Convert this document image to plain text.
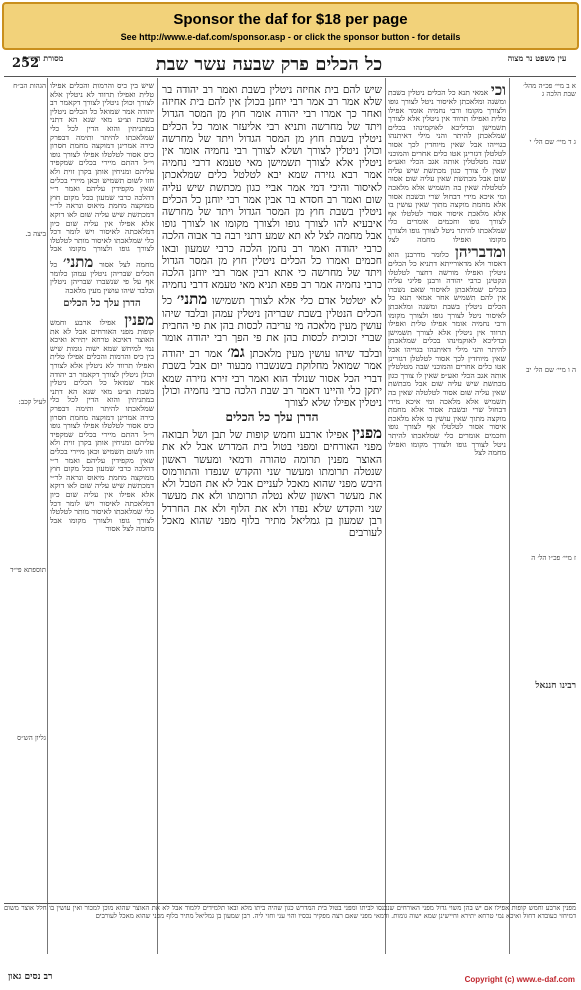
Sponsor the daf for $18 per page
See http://www.e-daf.com/sponsor.asp - or click the sponsor button - for details
עין משפט נר מצוה
252	כל הכלים פרק שבעה עשר שבת
מסורת הש״ס
א ב מיי׳ פכ״ה מהל׳ שבת הלכה ג
ג ד מיי׳ שם הל׳ י
ה ו מיי׳ שם הל׳ יב
ז מיי׳ פכ״ו הל׳ ה
רבינו חננאל
וכי אמאי תנא כל הכלים ניטלין בשבת ומשנה ומלאכתן לאיסור ניטל לצורך גופו ולצורך מקומו ורבי נחמיה אומר אפילו טלית ואפילו תרווד אין ניטלין אלא לצורך תשמישן ובדליכא לאוקמינהו בכלים שמלאכתן להיתר והני מילי דאיתנהו בגוייהו אבל שאין מיוחדין לכך אסור לטלטלן דגזרינן אטו כלים אחרים והמוכני שבה מטלטלין אותה אגב הכלי ואע״פ שאין לו צורך כגון מכתשת שיש עליה שום אבל מכתשת שאין עליה שום אסור לטלטלה שאין בה תשמיש אלא מלאכה ומי איכא מידי דבחול שרי ובשבת אסור אלא מחמת מוקצה מתוך שאין עושין בו אלא מלאכת איסור אסור לטלטלו אף לצורך גופו וחכמים אומרים כלי שמלאכתו להיתר ניטל לצורך גופו ולצורך מקומו ואפילו מחמה לצל ומדבריהן כלומר מדרבנן הוא דאסור ולא מדאורייתא דתניא כל הכלים ניטלין ואפילו מורשה דחצר לטלטלו ונקטינן כרבי יהודה ורבנן פליגי עליה בכלים שמלאכתן לאיסור שאם נשברו אין להם תשמיש אחר אמאי תנא כל הכלים ניטלין בשבת ומשנה ומלאכתן לאיסור ניטל לצורך גופו ולצורך מקומו ורבי נחמיה אומר אפילו טלית ואפילו תרווד אין ניטלין אלא לצורך תשמישן ובדליכא לאוקמינהו בכלים שמלאכתן להיתר והני מילי דאיתנהו בגוייהו אבל שאין מיוחדין לכך אסור לטלטלן דגזרינן אטו כלים אחרים והמוכני שבה מטלטלין אותה אגב הכלי ואע״פ שאין לו צורך כגון מכתשת שיש עליה שום אבל מכתשת שאין עליה שום אסור לטלטלה שאין בה תשמיש אלא מלאכה ומי איכא מידי דבחול שרי ובשבת אסור אלא מחמת מוקצה מתוך שאין עושין בו אלא מלאכת איסור אסור לטלטלו אף לצורך גופו וחכמים אומרים כלי שמלאכתו להיתר ניטל לצורך גופו ולצורך מקומו ואפילו מחמה לצל
שיש להם בית אחיזה ניטלין בשבת ואמר רב יהודה בר שלא אמר רב אמר רבי יוחנן בכולן אין להם בית אחיזה ואחר כך אמרו רבי יהודה אומר חוץ מן המסר הגדול ויתד של מחרשה ותניא רבי אליעזר אומר כל הכלים ניטלין בשבת חוץ מן המסר הגדול ויתד של מחרשה וכולן ניטלין לצורך ושלא לצורך רבי נחמיה אומר אין ניטלין אלא לצורך תשמישן מאי טעמא דרבי נחמיה אמר רבא גזירה שמא יבא לטלטל כלים שמלאכתן לאיסור והיכי דמי אמר אביי כגון מכתשת שיש עליה שום ואמר רב חסדא בר אבין אמר רבי יוחנן כל הכלים ניטלין בשבת חוץ מן המסר הגדול ויתד של מחרשה איבעיא להו לצורך גופו ולצורך מקומו או לצורך גופו אבל מחמה לצל לא תא שמע דתני רבה בר אבוה הלכה כרבי יהודה ואמר רב נחמן הלכה כרבי שמעון ובאו חכמים ואמרו כל הכלים ניטלין חוץ מן המסר הגדול ויתד של מחרשה כי אתא רבין אמר רבי יוחנן הלכה כרבי נחמיה אמר רב פפא תניא מאי טעמא דרבי נחמיה לא יטלטל אדם כלי אלא לצורך תשמישו מתני׳ כל הכלים הנטלין בשבת שבריהן ניטלין עמהן ובלבד שיהו עושין מעין מלאכה מי עריבה לכסות בהן את פי החבית שברי זכוכית לכסות בהן את פי הפך רבי יהודה אומר ובלבד שיהו עושין מעין מלאכתן גמ׳ אמר רב יהודה אמר שמואל מחלוקת בשנשברו מבעוד יום אבל בשבת דברי הכל אסור שנולד הוא ואמר רבי זירא גזירה שמא יתקן כלי והיינו דאמר רב שבת הלכה כרבי נחמיה וכולן ניטלין אפילו שלא לצורך
הדרן עלך כל הכלים
מפנין אפילו ארבע וחמש קופות של תבן ושל תבואה מפני האורחים ומפני בטול בית המדרש אבל לא את האוצר מפנין תרומה טהורה ודמאי ומעשר ראשון שנטלה תרומתו ומעשר שני והקדש שנפדו והתורמוס היבש מפני שהוא מאכל לעניים אבל לא את הטבל ולא את מעשר ראשון שלא נטלה תרומתו ולא את מעשר שני והקדש שלא נפדו ולא את הלוף ולא את החרדל רבן שמעון בן גמליאל מתיר בלוף מפני שהוא מאכל לעורבים
שיש בין כיס והרמות והכלים אפילו טלית ואפילו תרווד לא ניטלין אלא לצורך וכולן ניטלין לצורך דקאמר רב יהודה אמר שמואל כל הכלים ניטלין בשבת וצ״ע מאי שנא הא דתני במתניתין והוא הדין לכל כלי שמלאכתו להיתר ותימה דבפרק כירה אמרינן דמוקצה מחמת חסרון כיס אסור לטלטלו אפילו לצורך גופו וי״ל דהתם מיירי בכלים שמקפיד עליהם ומניחין אותן בקרן זוית ולא חזו לשום תשמיש וכאן מיירי בכלים שאין מקפידין עליהם ואמר ר״י דהלכה כרבי שמעון בכל מקום חוץ ממוקצה מחמת מיאוס ונראה לר״י דמכתשת שיש עליה שום לאו דוקא אלא אפילו אין עליה שום כיון דמלאכתה לאיסור ויש לומר דכל כלי שמלאכתו לאיסור מותר לטלטלו לצורך גופו ולצורך מקומו אבל מחמה לצל אסור מתני׳ כל הכלים שבריהן ניטלין עמהן כלומר אף על פי שנשברו שבריהן ניטלין ובלבד שיהו עושין מעין מלאכה
הדרן עלך כל הכלים
מפנין אפילו ארבע וחמש קופות מפני האורחים אבל לא את האוצר דאיכא טרחא יתירא ואיכא נמי למיחש שמא ישוה גומות שיש בין כיס והרמות והכלים אפילו טלית ואפילו תרווד לא ניטלין אלא לצורך וכולן ניטלין לצורך דקאמר רב יהודה אמר שמואל כל הכלים ניטלין בשבת וצ״ע מאי שנא הא דתני במתניתין והוא הדין לכל כלי שמלאכתו להיתר ותימה דבפרק כירה אמרינן דמוקצה מחמת חסרון כיס אסור לטלטלו אפילו לצורך גופו וי״ל דהתם מיירי בכלים שמקפיד עליהם ומניחין אותן בקרן זוית ולא חזו לשום תשמיש וכאן מיירי בכלים שאין מקפידין עליהם ואמר ר״י דהלכה כרבי שמעון בכל מקום חוץ ממוקצה מחמת מיאוס ונראה לר״י דמכתשת שיש עליה שום לאו דוקא אלא אפילו אין עליה שום כיון דמלאכתה לאיסור ויש לומר דכל כלי שמלאכתו לאיסור מותר לטלטלו לצורך גופו ולצורך מקומו אבל מחמה לצל אסור
הגהות הב״ח
ביצה ב.
לעיל קכב:
תוספתא פי״ד
גליון הש״ס
מפנין ארבע וחמש קופות אפילו אם יש בהן משוי גדול מפני האורחים שנכנסו לביתו ומפני בטול בית המדרש כגון שהיה ביתו מלא ובאו תלמידים ללמוד אבל לא את האוצר שהוא מוכן למכור ואין עושין בו חלל אוצר משום דמיחזי כעובדא דחול ואיכא נמי טרחא יתירא וחיישינן שמא ישוה גומות. ודמאי מפני שאם רצה מפקיר נכסיו והוי עני וחזי ליה. רבן שמעון בן גמליאל מתיר בלוף מפני שהוא מאכל לעורבים
רב נסים גאון	Copyright (c) www.e-daf.com
